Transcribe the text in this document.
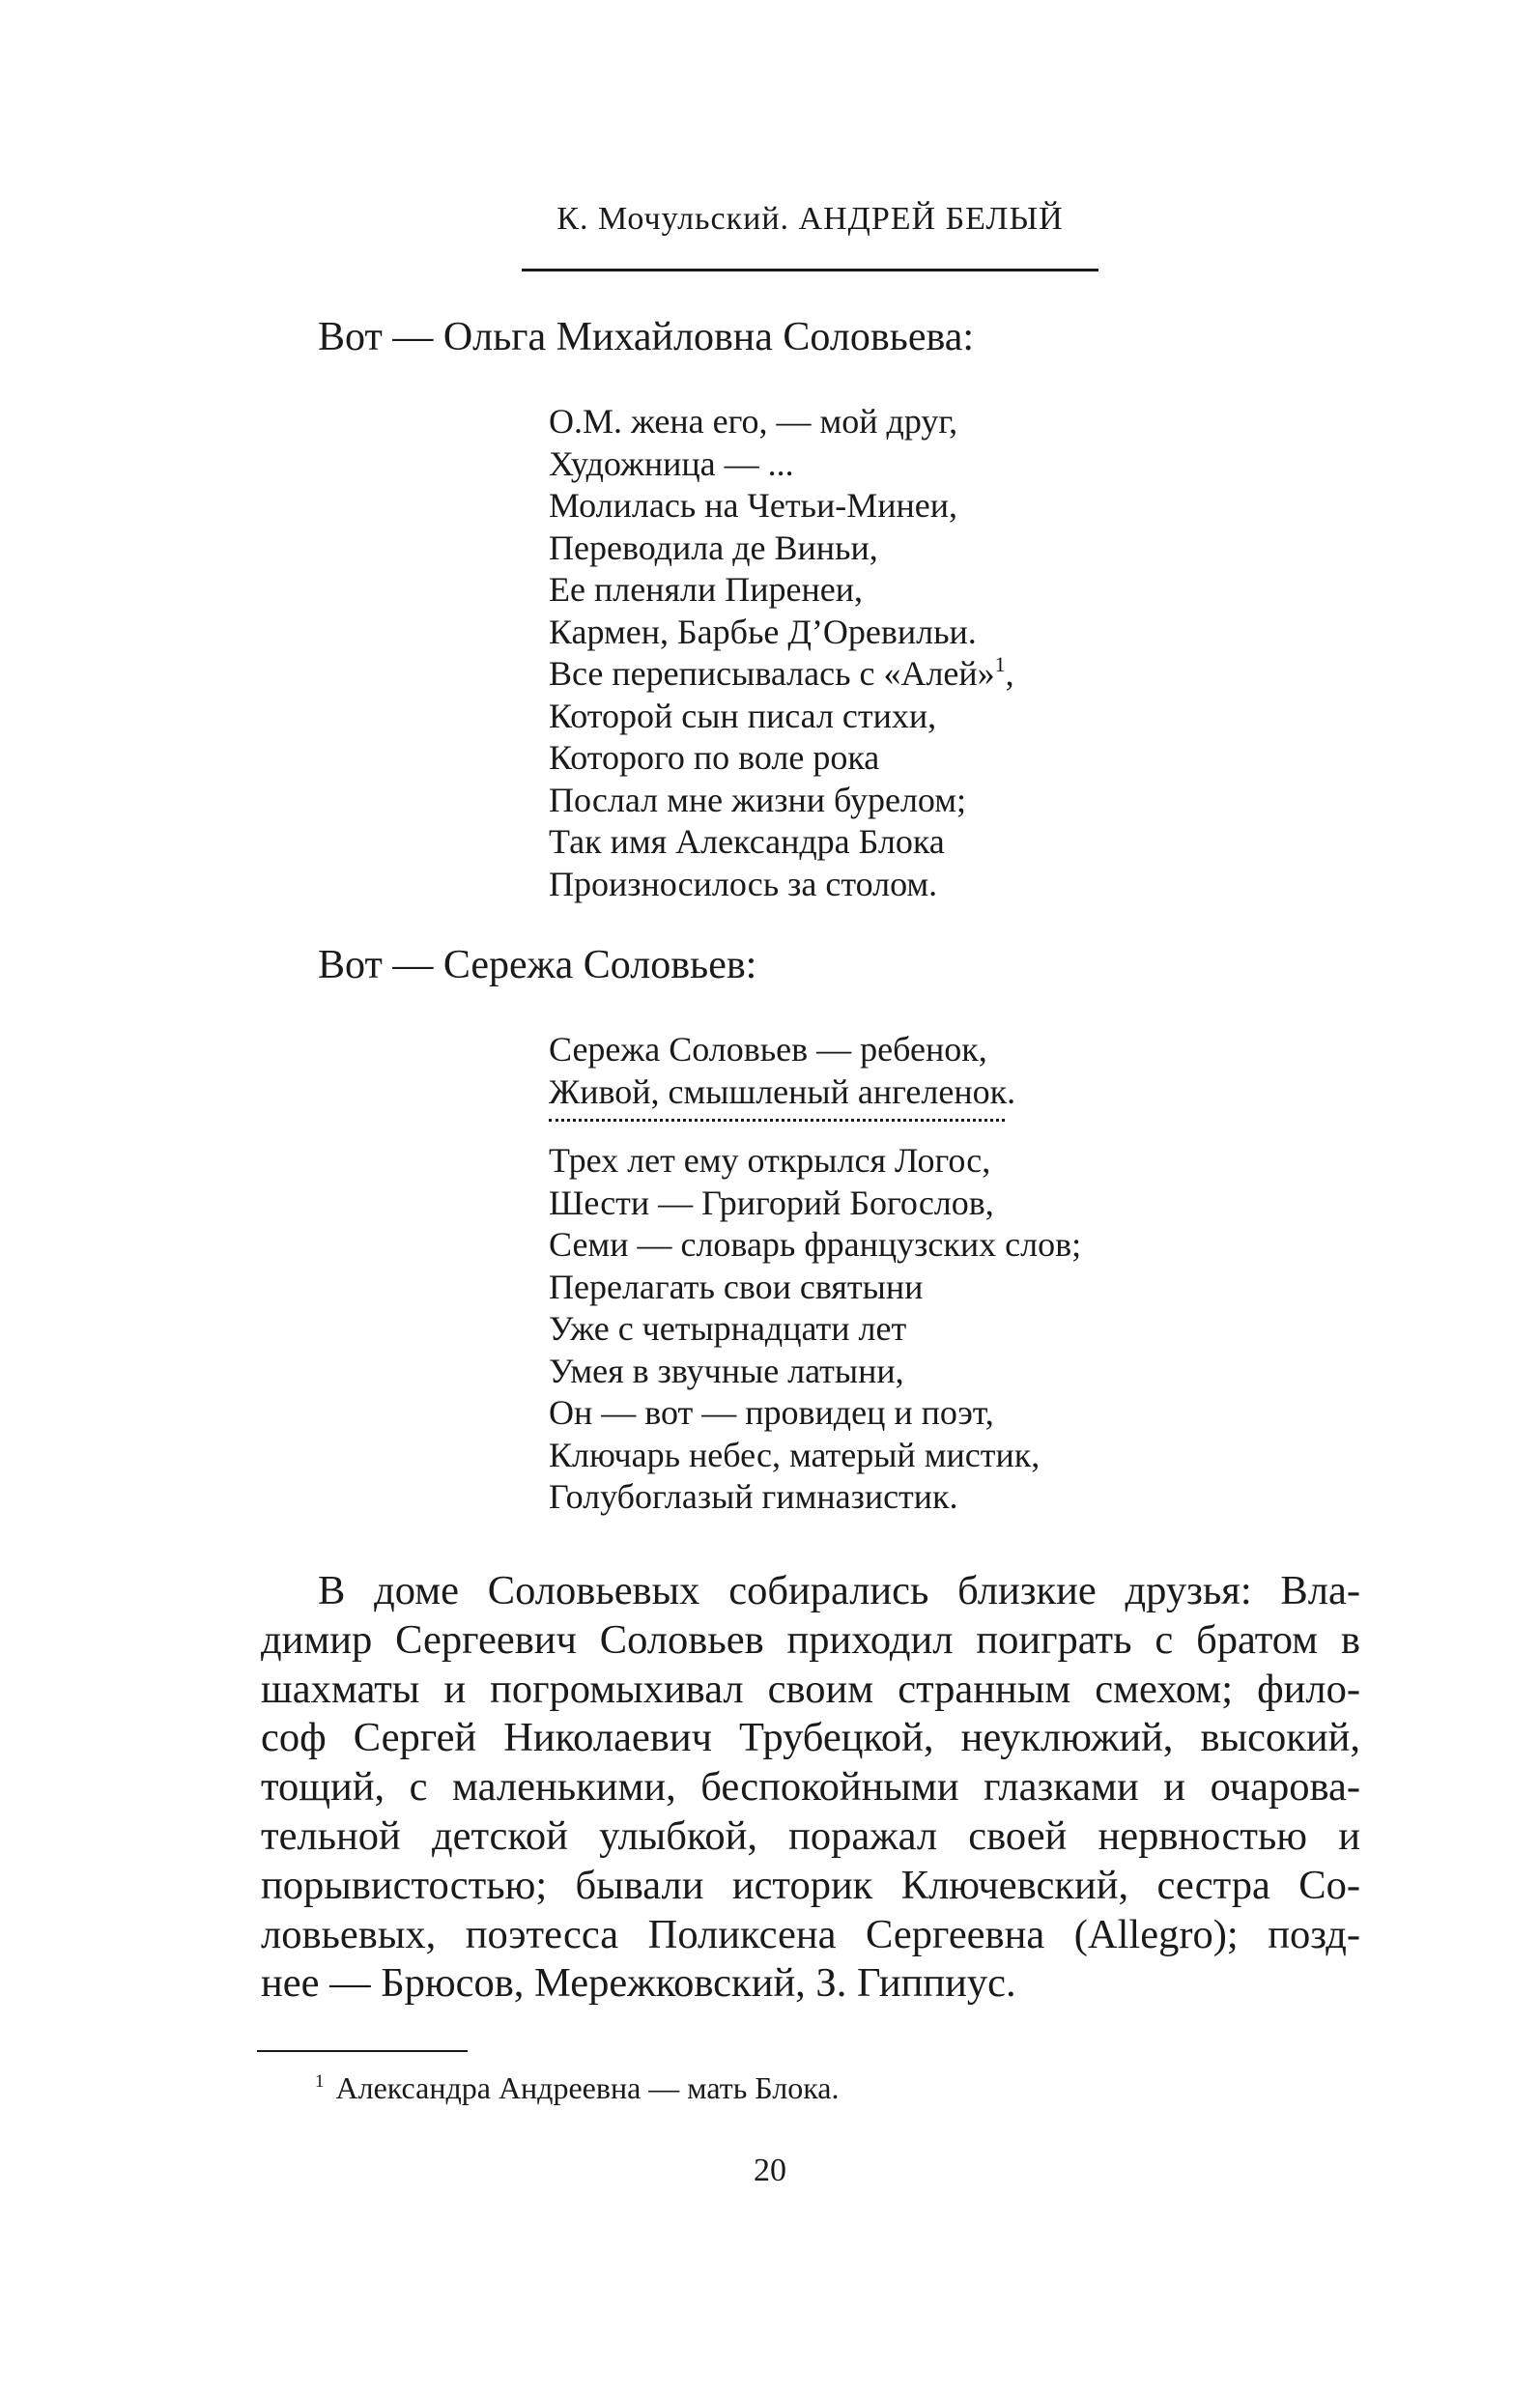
К. Мочульский. АНДРЕЙ БЕЛЫЙ
Вот — Ольга Михайловна Соловьева:
О.М. жена его, — мой друг,
Художница — ...
Молилась на Четьи-Минеи,
Переводила де Виньи,
Ее пленяли Пиренеи,
Кармен, Барбье Д’Оревильи.
Все переписывалась с «Алей»$^1$,
Которой сын писал стихи,
Которого по воле рока
Послал мне жизни бурелом;
Так имя Александра Блока
Произносилось за столом.
Вот — Сережа Соловьев:
Сережа Соловьев — ребенок,
Живой, смышленый ангеленок.
Трех лет ему открылся Логос,
Шести — Григорий Богослов,
Семи — словарь французских слов;
Перелагать свои святыни
Уже с четырнадцати лет
Умея в звучные латыни,
Он — вот — провидец и поэт,
Ключарь небес, матерый мистик,
Голубоглазый гимназистик.
В доме Соловьевых собирались близкие друзья: Вла-
димир Сергеевич Соловьев приходил поиграть с братом в
шахматы и погромыхивал своим странным смехом; фило-
соф Сергей Николаевич Трубецкой, неуклюжий, высокий,
тощий, с маленькими, беспокойными глазками и очарова-
тельной детской улыбкой, поражал своей нервностью и
порывистостью; бывали историк Ключевский, сестра Со-
ловьевых, поэтесса Поликсена Сергеевна (Allegro); позд-
нее — Брюсов, Мережковский, З. Гиппиус.
$^1$ Александра Андреевна — мать Блока.
20
